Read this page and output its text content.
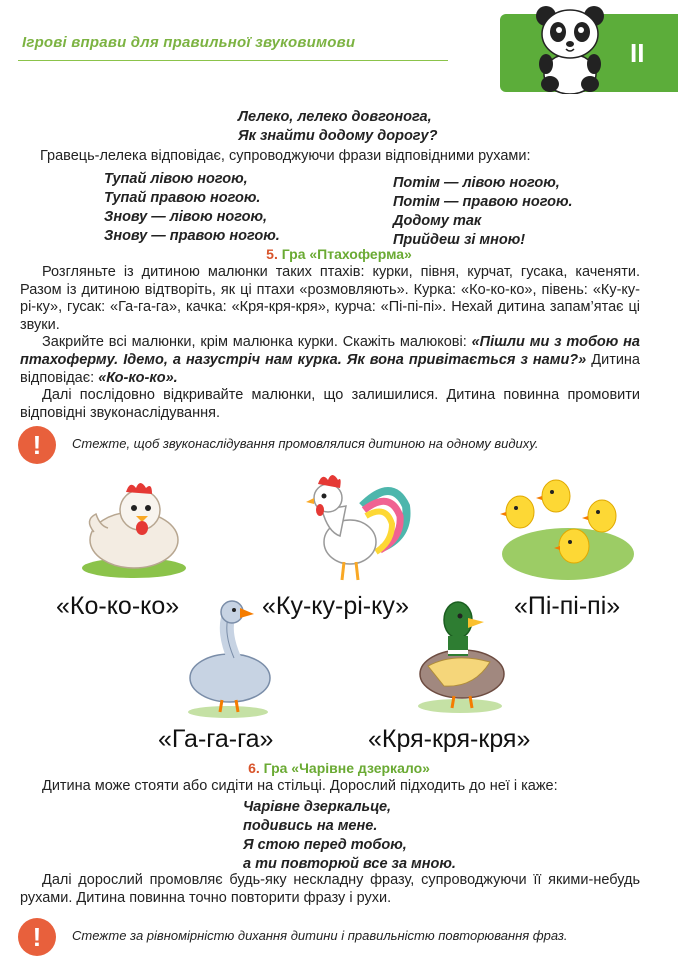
Ігрові вправи для правильної звуковимови	II
Лелеко, лелеко довгонога,
Як знайти додому дорогу?

Гравець-лелека відповідає, супроводжуючи фрази відповідними рухами:

Тупай лівою ногою,
Тупай правою ногою.
Знову — лівою ногою,
Знову — правою ногою.
Потім — лівою ногою,
Потім — правою ногою.
Додому так
Прийдеш зі мною!
5. Гра «Птахоферма»

Розгляньте із дитиною малюнки таких птахів: курки, півня, курчат, гусака, каченяти. Разом із дитиною відтворіть, як ці птахи «розмовляють». Курка: «Ко-ко-ко», півень: «Ку-ку-рі-ку», гусак: «Га-га-га», качка: «Кря-кря-кря», курча: «Пі-пі-пі». Нехай дитина запам’ятає ці звуки.

Закрийте всі малюнки, крім малюнка курки. Скажіть малюкові: «Пішли ми з тобою на птахоферму. Ідемо, а назустріч нам курка. Як вона привітається з нами?» Дитина відповідає: «Ко-ко-ко».

Далі послідовно відкривайте малюнки, що залишилися. Дитина повинна промовити відповідні звуконаслідування.

!	Стежте, щоб звуконаслідування промовлялися дитиною на одному видиху.
«Ко-ко-ко»	«Ку-ку-рі-ку»	«Пі-пі-пі»
«Га-га-га»	«Кря-кря-кря»
6. Гра «Чарівне дзеркало»

Дитина може стояти або сидіти на стільці. Дорослий підходить до неї і каже:

Чарівне дзеркальце,
подивись на мене.
Я стою перед тобою,
а ти повторюй все за мною.

Далі дорослий промовляє будь-яку нескладну фразу, супроводжуючи її якими-небудь рухами. Дитина повинна точно повторити фразу і рухи.

!	Стежте за рівномірністю дихання дитини і правильністю повторювання фраз.
